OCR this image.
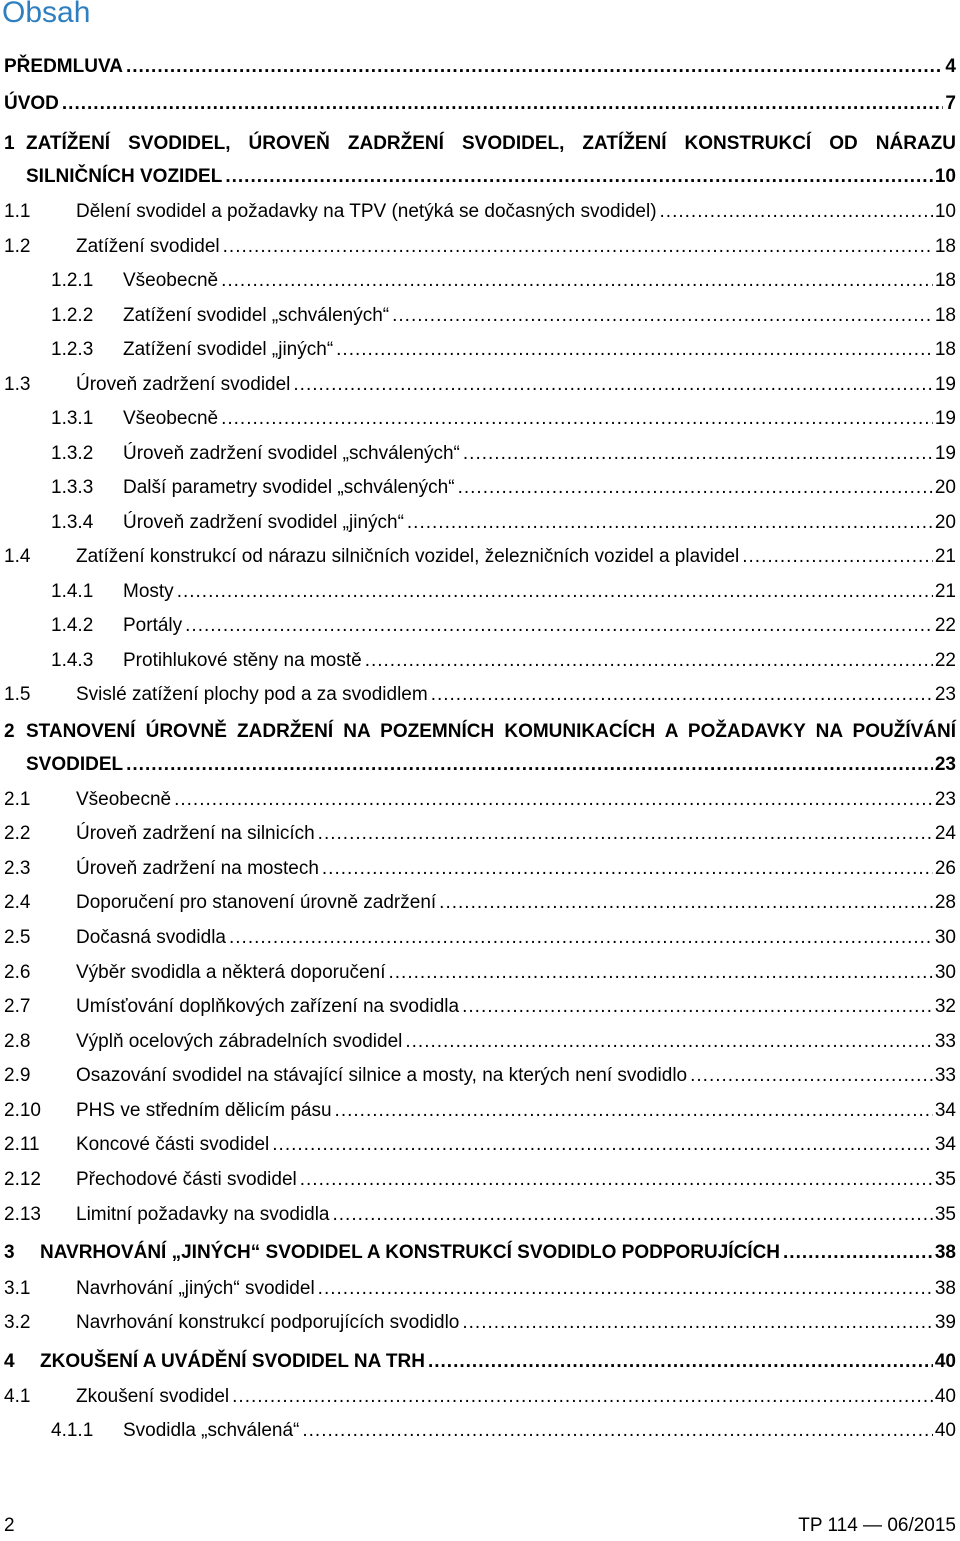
Obsah
PŘEDMLUVA .....	4
ÚVOD .....	7
1 ZATÍŽENÍ SVODIDEL, ÚROVEŇ ZADRŽENÍ SVODIDEL, ZATÍŽENÍ KONSTRUKCÍ OD NÁRAZU
SILNIČNÍCH VOZIDEL .....	10
1.1	Dělení svodidel a požadavky na TPV (netýká se dočasných svodidel) .....	10
1.2	Zatížení svodidel .....	18
1.2.1	Všeobecně .....	18
1.2.2	Zatížení svodidel „schválených“ .....	18
1.2.3	Zatížení svodidel „jiných“ .....	18
1.3	Úroveň zadržení svodidel .....	19
1.3.1	Všeobecně .....	19
1.3.2	Úroveň zadržení svodidel „schválených“ .....	19
1.3.3	Další parametry svodidel „schválených“ .....	20
1.3.4	Úroveň zadržení svodidel „jiných“ .....	20
1.4	Zatížení konstrukcí od nárazu silničních vozidel, železničních vozidel a plavidel .....	21
1.4.1	Mosty .....	21
1.4.2	Portály .....	22
1.4.3	Protihlukové stěny na mostě .....	22
1.5	Svislé zatížení plochy pod a za svodidlem .....	23
2 STANOVENÍ ÚROVNĚ ZADRŽENÍ NA POZEMNÍCH KOMUNIKACÍCH A POŽADAVKY NA POUŽÍVÁNÍ
SVODIDEL .....	23
2.1	Všeobecně .....	23
2.2	Úroveň zadržení na silnicích .....	24
2.3	Úroveň zadržení na mostech .....	26
2.4	Doporučení pro stanovení úrovně zadržení .....	28
2.5	Dočasná svodidla .....	30
2.6	Výběr svodidla a některá doporučení .....	30
2.7	Umísťování doplňkových zařízení na svodidla .....	32
2.8	Výplň ocelových zábradelních svodidel .....	33
2.9	Osazování svodidel na stávající silnice a mosty, na kterých není svodidlo .....	33
2.10	PHS ve středním dělicím pásu .....	34
2.11	Koncové části svodidel .....	34
2.12	Přechodové části svodidel .....	35
2.13	Limitní požadavky na svodidla .....	35
3	NAVRHOVÁNÍ „JINÝCH“ SVODIDEL A KONSTRUKCÍ SVODIDLO PODPORUJÍCÍCH .....	38
3.1	Navrhování „jiných“ svodidel .....	38
3.2	Navrhování konstrukcí podporujících svodidlo .....	39
4	ZKOUŠENÍ A UVÁDĚNÍ SVODIDEL NA TRH .....	40
4.1	Zkoušení svodidel .....	40
4.1.1	Svodidla „schválená“ .....	40
2	TP 114 — 06/2015
